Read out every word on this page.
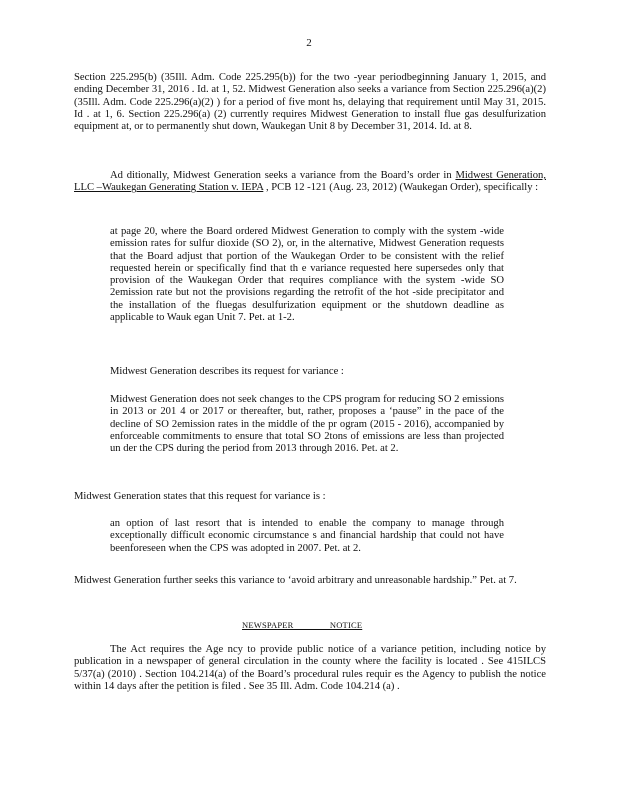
2
Section 225.295(b) (35Ill. Adm. Code 225.295(b)) for the two -year periodbeginning January 1, 2015, and ending December 31, 2016 . Id. at 1, 52. Midwest Generation also seeks a variance from Section 225.296(a)(2) (35Ill. Adm. Code 225.296(a)(2) ) for a period of five mont hs, delaying that requirement until May 31, 2015. Id . at 1, 6. Section 225.296(a) (2) currently requires Midwest Generation to install flue gas desulfurization equipment at, or to permanently shut down, Waukegan Unit 8 by December 31, 2014. Id. at 8.
Ad ditionally, Midwest Generation seeks a variance from the Board’s order in Midwest Generation, LLC –Waukegan Generating Station v. IEPA , PCB 12 -121 (Aug. 23, 2012) (Waukegan Order), specifically :
at page 20, where the Board ordered Midwest Generation to comply with the system -wide emission rates for sulfur dioxide (SO 2), or, in the alternative, Midwest Generation requests that the Board adjust that portion of the Waukegan Order to be consistent with the relief requested herein or specifically find that th e variance requested here supersedes only that provision of the Waukegan Order that requires compliance with the system -wide SO 2emission rate but not the provisions regarding the retrofit of the hot -side precipitator and the installation of the fluegas desulfurization equipment or the shutdown deadline as applicable to Wauk egan Unit 7. Pet. at 1-2.
Midwest Generation describes its request for variance :
Midwest Generation does not seek changes to the CPS program for reducing SO 2 emissions in 2013 or 201 4 or 2017 or thereafter, but, rather, proposes a ‘pause” in the pace of the decline of SO 2emission rates in the middle of the pr ogram (2015 - 2016), accompanied by enforceable commitments to ensure that total SO 2tons of emissions are less than projected un der the CPS during the period from 2013 through 2016. Pet. at 2.
Midwest Generation states that this request for variance is :
an option of last resort that is intended to enable the company to manage through exceptionally difficult economic circumstance s and financial hardship that could not have beenforeseen when the CPS was adopted in 2007. Pet. at 2.
Midwest Generation further seeks this variance to ‘avoid arbitrary and unreasonable hardship.” Pet. at 7.
NEWSPAPER NOTICE
The Act requires the Age ncy to provide public notice of a variance petition, including notice by publication in a newspaper of general circulation in the county where the facility is located . See 415ILCS 5/37(a) (2010) . Section 104.214(a) of the Board’s procedural rules requir es the Agency to publish the notice within 14 days after the petition is filed . See 35 Ill. Adm. Code 104.214 (a) .
